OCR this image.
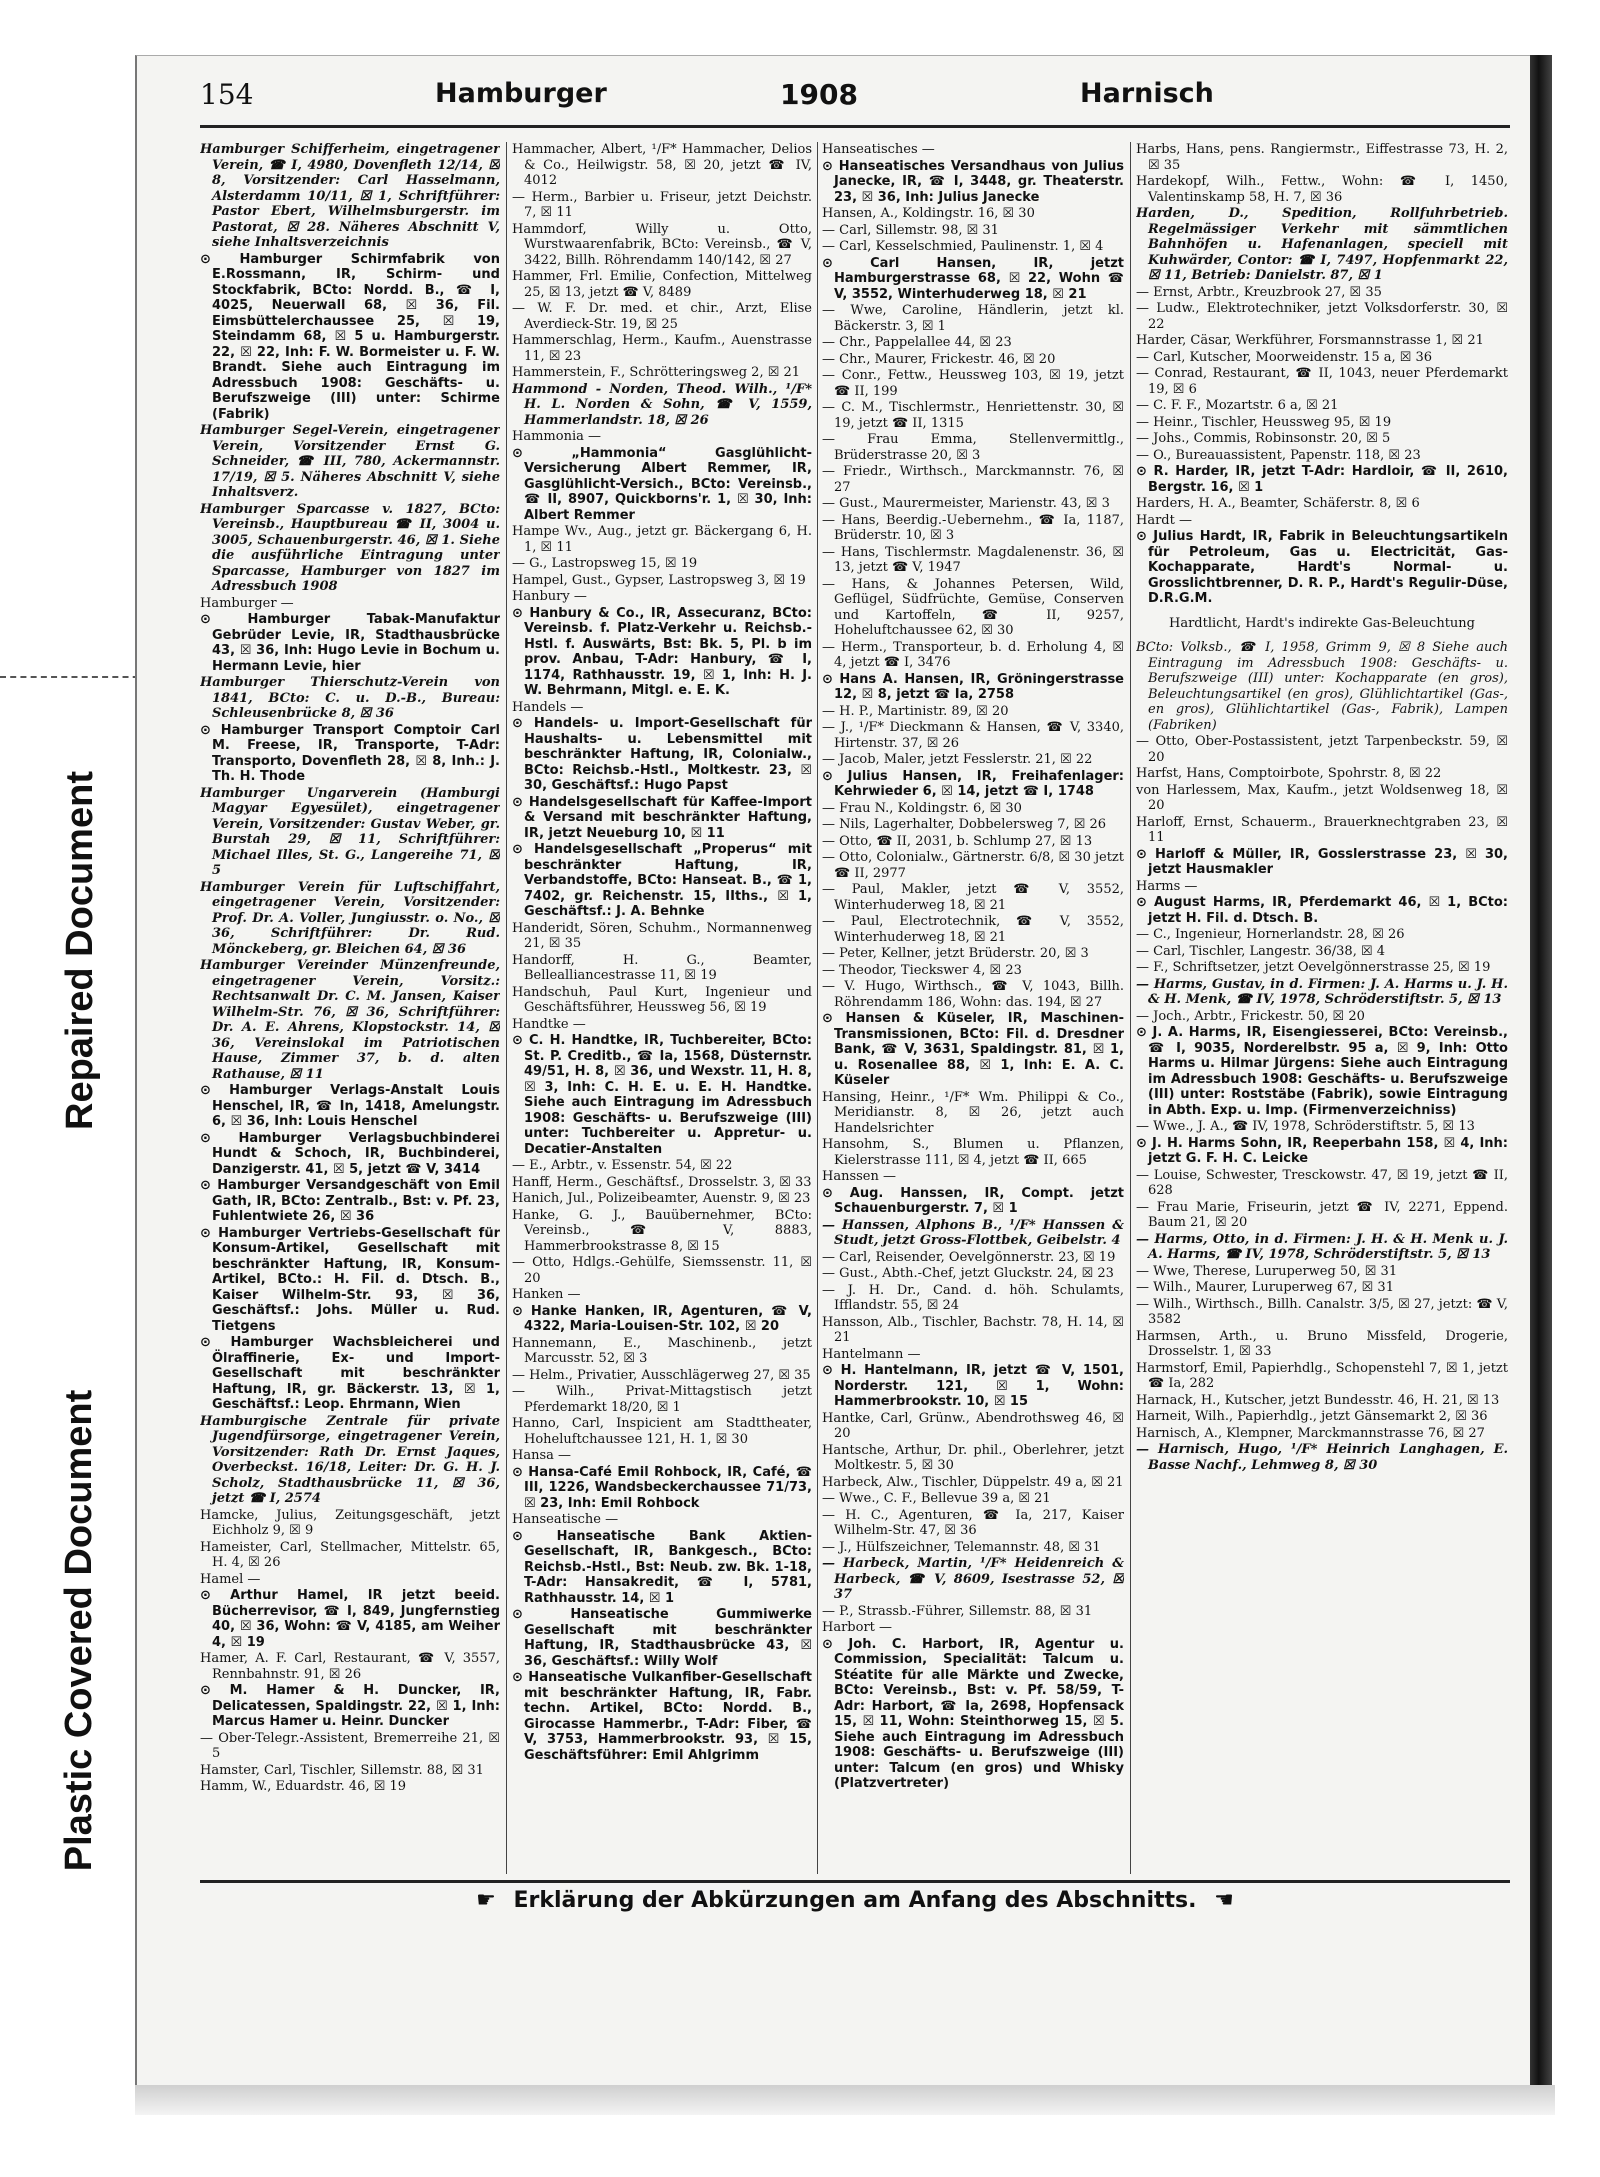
Repaired Document
Plastic Covered Document
154	Hamburger	1908	Harnisch

Hamburger Schifferheim, eingetragener Verein, ☎ I, 4980, Dovenfleth 12/14, ☒ 8, Vorsitzender: Carl Hasselmann, Alsterdamm 10/11, ☒ 1, Schriftführer: Pastor Ebert, Wilhelmsburgerstr. im Pastorat, ☒ 28. Näheres Abschnitt V, siehe Inhaltsverzeichnis

⊙ Hamburger Schirmfabrik von E.Rossmann, IR, Schirm- und Stockfabrik, BCto: Nordd. B., ☎ I, 4025, Neuerwall 68, ☒ 36, Fil. Eimsbüttelerchaussee 25, ☒ 19, Steindamm 68, ☒ 5 u. Hamburgerstr. 22, ☒ 22, Inh: F. W. Bormeister u. F. W. Brandt. Siehe auch Eintragung im Adressbuch 1908: Geschäfts- u. Berufszweige (III) unter: Schirme (Fabrik)

Hamburger Segel-Verein, eingetragener Verein, Vorsitzender Ernst G. Schneider, ☎ III, 780, Ackermannstr. 17/19, ☒ 5. Näheres Abschnitt V, siehe Inhaltsverz.

Hamburger Sparcasse v. 1827, BCto: Vereinsb., Hauptbureau ☎ II, 3004 u. 3005, Schauenburgerstr. 46, ☒ 1. Siehe die ausführliche Eintragung unter Sparcasse, Hamburger von 1827 im Adressbuch 1908

Hamburger —

⊙ Hamburger Tabak-Manufaktur Gebrüder Levie, IR, Stadthausbrücke 43, ☒ 36, Inh: Hugo Levie in Bochum u. Hermann Levie, hier

Hamburger Thierschutz-Verein von 1841, BCto: C. u. D.-B., Bureau: Schleusenbrücke 8, ☒ 36

⊙ Hamburger Transport Comptoir Carl M. Freese, IR, Transporte, T-Adr: Transporto, Dovenfleth 28, ☒ 8, Inh.: J. Th. H. Thode

Hamburger Ungarverein (Hamburgi Magyar Egyesület), eingetragener Verein, Vorsitzender: Gustav Weber, gr. Burstah 29, ☒ 11, Schriftführer: Michael Illes, St. G., Langereihe 71, ☒ 5

Hamburger Verein für Luftschiffahrt, eingetragener Verein, Vorsitzender: Prof. Dr. A. Voller, Jungiusstr. o. No., ☒ 36, Schriftführer: Dr. Rud. Mönckeberg, gr. Bleichen 64, ☒ 36

Hamburger Vereinder Münzenfreunde, eingetragener Verein, Vorsitz.: Rechtsanwalt Dr. C. M. Jansen, Kaiser Wilhelm-Str. 76, ☒ 36, Schriftführer: Dr. A. E. Ahrens, Klopstockstr. 14, ☒ 36, Vereinslokal im Patriotischen Hause, Zimmer 37, b. d. alten Rathause, ☒ 11

⊙ Hamburger Verlags-Anstalt Louis Henschel, IR, ☎ In, 1418, Amelungstr. 6, ☒ 36, Inh: Louis Henschel

⊙ Hamburger Verlagsbuchbinderei Hundt & Schoch, IR, Buchbinderei, Danzigerstr. 41, ☒ 5, jetzt ☎ V, 3414

⊙ Hamburger Versandgeschäft von Emil Gath, IR, BCto: Zentralb., Bst: v. Pf. 23, Fuhlentwiete 26, ☒ 36

⊙ Hamburger Vertriebs-Gesellschaft für Konsum-Artikel, Gesellschaft mit beschränkter Haftung, IR, Konsum-Artikel, BCto.: H. Fil. d. Dtsch. B., Kaiser Wilhelm-Str. 93, ☒ 36, Geschäftsf.: Johs. Müller u. Rud. Tietgens

⊙ Hamburger Wachsbleicherei und Ölraffinerie, Ex- und Import-Gesellschaft mit beschränkter Haftung, IR, gr. Bäckerstr. 13, ☒ 1, Geschäftsf.: Leop. Ehrmann, Wien

Hamburgische Zentrale für private Jugendfürsorge, eingetragener Verein, Vorsitzender: Rath Dr. Ernst Jaques, Overbeckst. 16/18, Leiter: Dr. G. H. J. Scholz, Stadthausbrücke 11, ☒ 36, jetzt ☎ I, 2574

Hamcke, Julius, Zeitungsgeschäft, jetzt Eichholz 9, ☒ 9

Hameister, Carl, Stellmacher, Mittelstr. 65, H. 4, ☒ 26

Hamel —

⊙ Arthur Hamel, IR jetzt beeid. Bücherrevisor, ☎ I, 849, Jungfernstieg 40, ☒ 36, Wohn: ☎ V, 4185, am Weiher 4, ☒ 19

Hamer, A. F. Carl, Restaurant, ☎ V, 3557, Rennbahnstr. 91, ☒ 26

⊙ M. Hamer & H. Duncker, IR, Delicatessen, Spaldingstr. 22, ☒ 1, Inh: Marcus Hamer u. Heinr. Duncker

— Ober-Telegr.-Assistent, Bremerreihe 21, ☒ 5

Hamster, Carl, Tischler, Sillemstr. 88, ☒ 31

Hamm, W., Eduardstr. 46, ☒ 19

Hammacher, Albert, ¹/F* Hammacher, Delios & Co., Heilwigstr. 58, ☒ 20, jetzt ☎ IV, 4012

— Herm., Barbier u. Friseur, jetzt Deichstr. 7, ☒ 11

Hammdorf, Willy u. Otto, Wurstwaarenfabrik, BCto: Vereinsb., ☎ V, 3422, Billh. Röhrendamm 140/142, ☒ 27

Hammer, Frl. Emilie, Confection, Mittelweg 25, ☒ 13, jetzt ☎ V, 8489

— W. F. Dr. med. et chir., Arzt, Elise Averdieck-Str. 19, ☒ 25

Hammerschlag, Herm., Kaufm., Auenstrasse 11, ☒ 23

Hammerstein, F., Schrötteringsweg 2, ☒ 21

Hammond - Norden, Theod. Wilh., ¹/F* H. L. Norden & Sohn, ☎ V, 1559, Hammerlandstr. 18, ☒ 26

Hammonia —

⊙ „Hammonia“ Gasglühlicht-Versicherung Albert Remmer, IR, Gasglühlicht-Versich., BCto: Vereinsb., ☎ II, 8907, Quickborns'r. 1, ☒ 30, Inh: Albert Remmer

Hampe Wv., Aug., jetzt gr. Bäckergang 6, H. 1, ☒ 11

— G., Lastropsweg 15, ☒ 19

Hampel, Gust., Gypser, Lastropsweg 3, ☒ 19

Hanbury —

⊙ Hanbury & Co., IR, Assecuranz, BCto: Vereinsb. f. Platz-Verkehr u. Reichsb.-Hstl. f. Auswärts, Bst: Bk. 5, Pl. b im prov. Anbau, T-Adr: Hanbury, ☎ I, 1174, Rathhausstr. 19, ☒ 1, Inh: H. J. W. Behrmann, Mitgl. e. E. K.

Handels —

⊙ Handels- u. Import-Gesellschaft für Haushalts- u. Lebensmittel mit beschränkter Haftung, IR, Colonialw., BCto: Reichsb.-Hstl., Moltkestr. 23, ☒ 30, Geschäftsf.: Hugo Papst

⊙ Handelsgesellschaft für Kaffee-Import & Versand mit beschränkter Haftung, IR, jetzt Neueburg 10, ☒ 11

⊙ Handelsgesellschaft „Properus“ mit beschränkter Haftung, IR, Verbandstoffe, BCto: Hanseat. B., ☎ 1, 7402, gr. Reichenstr. 15, IIths., ☒ 1, Geschäftsf.: J. A. Behnke

Handeridt, Sören, Schuhm., Normannenweg 21, ☒ 35

Handorff, H. G., Beamter, Bellealliancestrasse 11, ☒ 19

Handschuh, Paul Kurt, Ingenieur und Geschäftsführer, Heussweg 56, ☒ 19

Handtke —

⊙ C. H. Handtke, IR, Tuchbereiter, BCto: St. P. Creditb., ☎ Ia, 1568, Düsternstr. 49/51, H. 8, ☒ 36, und Wexstr. 11, H. 8, ☒ 3, Inh: C. H. E. u. E. H. Handtke. Siehe auch Eintragung im Adressbuch 1908: Geschäfts- u. Berufszweige (III) unter: Tuchbereiter u. Appretur- u. Decatier-Anstalten

— E., Arbtr., v. Essenstr. 54, ☒ 22

Hanff, Herm., Geschäftsf., Drosselstr. 3, ☒ 33

Hanich, Jul., Polizeibeamter, Auenstr. 9, ☒ 23

Hanke, G. J., Bauübernehmer, BCto: Vereinsb., ☎ V, 8883, Hammerbrookstrasse 8, ☒ 15

— Otto, Hdlgs.-Gehülfe, Siemssenstr. 11, ☒ 20

Hanken —

⊙ Hanke Hanken, IR, Agenturen, ☎ V, 4322, Maria-Louisen-Str. 102, ☒ 20

Hannemann, E., Maschinenb., jetzt Marcusstr. 52, ☒ 3

— Helm., Privatier, Ausschlägerweg 27, ☒ 35

— Wilh., Privat-Mittagstisch jetzt Pferdemarkt 18/20, ☒ 1

Hanno, Carl, Inspicient am Stadttheater, Hoheluftchaussee 121, H. 1, ☒ 30

Hansa —

⊙ Hansa-Café Emil Rohbock, IR, Café, ☎ III, 1226, Wandsbeckerchaussee 71/73, ☒ 23, Inh: Emil Rohbock

Hanseatische —

⊙ Hanseatische Bank Aktien-Gesellschaft, IR, Bankgesch., BCto: Reichsb.-Hstl., Bst: Neub. zw. Bk. 1-18, T-Adr: Hansakredit, ☎ I, 5781, Rathhausstr. 14, ☒ 1

⊙ Hanseatische Gummiwerke Gesellschaft mit beschränkter Haftung, IR, Stadthausbrücke 43, ☒ 36, Geschäftsf.: Willy Wolf

⊙ Hanseatische Vulkanfiber-Gesellschaft mit beschränkter Haftung, IR, Fabr. techn. Artikel, BCto: Nordd. B., Girocasse Hammerbr., T-Adr: Fiber, ☎ V, 3753, Hammerbrookstr. 93, ☒ 15, Geschäftsführer: Emil Ahlgrimm

Hanseatisches —

⊙ Hanseatisches Versandhaus von Julius Janecke, IR, ☎ I, 3448, gr. Theaterstr. 23, ☒ 36, Inh: Julius Janecke

Hansen, A., Koldingstr. 16, ☒ 30

— Carl, Sillemstr. 98, ☒ 31

— Carl, Kesselschmied, Paulinenstr. 1, ☒ 4

⊙ Carl Hansen, IR, jetzt Hamburgerstrasse 68, ☒ 22, Wohn ☎ V, 3552, Winterhuderweg 18, ☒ 21

— Wwe, Caroline, Händlerin, jetzt kl. Bäckerstr. 3, ☒ 1

— Chr., Pappelallee 44, ☒ 23

— Chr., Maurer, Frickestr. 46, ☒ 20

— Conr., Fettw., Heussweg 103, ☒ 19, jetzt ☎ II, 199

— C. M., Tischlermstr., Henriettenstr. 30, ☒ 19, jetzt ☎ II, 1315

— Frau Emma, Stellenvermittlg., Brüderstrasse 20, ☒ 3

— Friedr., Wirthsch., Marckmannstr. 76, ☒ 27

— Gust., Maurermeister, Marienstr. 43, ☒ 3

— Hans, Beerdig.-Uebernehm., ☎ Ia, 1187, Brüderstr. 10, ☒ 3

— Hans, Tischlermstr. Magdalenenstr. 36, ☒ 13, jetzt ☎ V, 1947

— Hans, & Johannes Petersen, Wild, Geflügel, Südfrüchte, Gemüse, Conserven und Kartoffeln, ☎ II, 9257, Hoheluftchaussee 62, ☒ 30

— Herm., Transporteur, b. d. Erholung 4, ☒ 4, jetzt ☎ I, 3476

⊙ Hans A. Hansen, IR, Gröningerstrasse 12, ☒ 8, jetzt ☎ Ia, 2758

— H. P., Martinistr. 89, ☒ 20

— J., ¹/F* Dieckmann & Hansen, ☎ V, 3340, Hirtenstr. 37, ☒ 26

— Jacob, Maler, jetzt Fesslerstr. 21, ☒ 22

⊙ Julius Hansen, IR, Freihafenlager: Kehrwieder 6, ☒ 14, jetzt ☎ I, 1748

— Frau N., Koldingstr. 6, ☒ 30

— Nils, Lagerhalter, Dobbelersweg 7, ☒ 26

— Otto, ☎ II, 2031, b. Schlump 27, ☒ 13

— Otto, Colonialw., Gärtnerstr. 6/8, ☒ 30 jetzt ☎ II, 2977

— Paul, Makler, jetzt ☎ V, 3552, Winterhuderweg 18, ☒ 21

— Paul, Electrotechnik, ☎ V, 3552, Winterhuderweg 18, ☒ 21

— Peter, Kellner, jetzt Brüderstr. 20, ☒ 3

— Theodor, Tieckswег 4, ☒ 23

— V. Hugo, Wirthsch., ☎ V, 1043, Billh. Röhrendamm 186, Wohn: das. 194, ☒ 27

⊙ Hansen & Küseler, IR, Maschinen-Transmissionen, BCto: Fil. d. Dresdner Bank, ☎ V, 3631, Spaldingstr. 81, ☒ 1, u. Rosenallee 88, ☒ 1, Inh: E. A. C. Küseler

Hansing, Heinr., ¹/F* Wm. Philippi & Co., Meridianstr. 8, ☒ 26, jetzt auch Handelsrichter

Hansohm, S., Blumen u. Pflanzen, Kielerstrasse 111, ☒ 4, jetzt ☎ II, 665

Hanssen —

⊙ Aug. Hanssen, IR, Compt. jetzt Schauenburgerstr. 7, ☒ 1

— Hanssen, Alphons B., ¹/F* Hanssen & Studt, jetzt Gross-Flottbek, Geibelstr. 4

— Carl, Reisender, Oevelgönnerstr. 23, ☒ 19

— Gust., Abth.-Chef, jetzt Gluckstr. 24, ☒ 23

— J. H. Dr., Cand. d. höh. Schulamts, Ifflandstr. 55, ☒ 24

Hansson, Alb., Tischler, Bachstr. 78, H. 14, ☒ 21

Hantelmann —

⊙ H. Hantelmann, IR, jetzt ☎ V, 1501, Norderstr. 121, ☒ 1, Wohn: Hammerbrookstr. 10, ☒ 15

Hantke, Carl, Grünw., Abendrothsweg 46, ☒ 20

Hantsche, Arthur, Dr. phil., Oberlehrer, jetzt Moltkestr. 5, ☒ 30

Harbeck, Alw., Tischler, Düppelstr. 49 a, ☒ 21

— Wwe., C. F., Bellevue 39 a, ☒ 21

— H. C., Agenturen, ☎ Ia, 217, Kaiser Wilhelm-Str. 47, ☒ 36

— J., Hülfszeichner, Telemannstr. 48, ☒ 31

— Harbeck, Martin, ¹/F* Heidenreich & Harbeck, ☎ V, 8609, Isestrasse 52, ☒ 37

— P., Strassb.-Führer, Sillemstr. 88, ☒ 31

Harbort —

⊙ Joh. C. Harbort, IR, Agentur u. Commission, Specialität: Talcum u. Stéatite für alle Märkte und Zwecke, BCto: Vereinsb., Bst: v. Pf. 58/59, T-Adr: Harbort, ☎ Ia, 2698, Hopfensack 15, ☒ 11, Wohn: Steinthorweg 15, ☒ 5. Siehe auch Eintragung im Adressbuch 1908: Geschäfts- u. Berufszweige (III) unter: Talcum (en gros) und Whisky (Platzvertreter)

Harbs, Hans, pens. Rangiermstr., Eiffestrasse 73, H. 2, ☒ 35

Hardekopf, Wilh., Fettw., Wohn: ☎ I, 1450, Valentinskamp 58, H. 7, ☒ 36

Harden, D., Spedition, Rollfuhrbetrieb. Regelmässiger Verkehr mit sämmtlichen Bahnhöfen u. Hafenanlagen, speciell mit Kuhwärder, Contor: ☎ I, 7497, Hopfenmarkt 22, ☒ 11, Betrieb: Danielstr. 87, ☒ 1

— Ernst, Arbtr., Kreuzbrook 27, ☒ 35

— Ludw., Elektrotechniker, jetzt Volksdorferstr. 30, ☒ 22

Harder, Cäsar, Werkführer, Forsmannstrasse 1, ☒ 21

— Carl, Kutscher, Moorweidenstr. 15 a, ☒ 36

— Conrad, Restaurant, ☎ II, 1043, neuer Pferdemarkt 19, ☒ 6

— C. F. F., Mozartstr. 6 a, ☒ 21

— Heinr., Tischler, Heussweg 95, ☒ 19

— Johs., Commis, Robinsonstr. 20, ☒ 5

— O., Bureauassistent, Papenstr. 118, ☒ 23

⊙ R. Harder, IR, jetzt T-Adr: Hardloir, ☎ II, 2610, Bergstr. 16, ☒ 1

Harders, H. A., Beamter, Schäferstr. 8, ☒ 6

Hardt —

⊙ Julius Hardt, IR, Fabrik in Beleuchtungsartikeln für Petroleum, Gas u. Electricität, Gas-Kochapparate, Hardt's Normal- u. Grosslichtbrenner, D. R. P., Hardt's Regulir-Düse, D.R.G.M.

Hardtlicht, Hardt's indirekte Gas-Beleuchtung

BCto: Volksb., ☎ I, 1958, Grimm 9, ☒ 8 Siehe auch Eintragung im Adressbuch 1908: Geschäfts- u. Berufszweige (III) unter: Kochapparate (en gros), Beleuchtungsartikel (en gros), Glühlichtartikel (Gas-, en gros), Glühlichtartikel (Gas-, Fabrik), Lampen (Fabriken)

— Otto, Ober-Postassistent, jetzt Tarpenbeckstr. 59, ☒ 20

Harfst, Hans, Comptoirbote, Spohrstr. 8, ☒ 22

von Harlessem, Max, Kaufm., jetzt Woldsenweg 18, ☒ 20

Harloff, Ernst, Schauerm., Brauerknechtgraben 23, ☒ 11

⊙ Harloff & Müller, IR, Gosslerstrasse 23, ☒ 30, jetzt Hausmakler

Harms —

⊙ August Harms, IR, Pferdemarkt 46, ☒ 1, BCto: jetzt H. Fil. d. Dtsch. B.

— C., Ingenieur, Hornerlandstr. 28, ☒ 26

— Carl, Tischler, Langestr. 36/38, ☒ 4

— F., Schriftsetzer, jetzt Oevelgönnerstrasse 25, ☒ 19

— Harms, Gustav, in d. Firmen: J. A. Harms u. J. H. & H. Menk, ☎ IV, 1978, Schröderstiftstr. 5, ☒ 13

— Joch., Arbtr., Frickestr. 50, ☒ 20

⊙ J. A. Harms, IR, Eisengiesserei, BCto: Vereinsb., ☎ I, 9035, Norderelbstr. 95 a, ☒ 9, Inh: Otto Harms u. Hilmar Jürgens: Siehe auch Eintragung im Adressbuch 1908: Geschäfts- u. Berufszweige (III) unter: Roststäbe (Fabrik), sowie Eintragung in Abth. Exp. u. Imp. (Firmenverzeichniss)

— Wwe., J. A., ☎ IV, 1978, Schröderstiftstr. 5, ☒ 13

⊙ J. H. Harms Sohn, IR, Reeperbahn 158, ☒ 4, Inh: jetzt G. F. H. C. Leicke

— Louise, Schwester, Tresckowstr. 47, ☒ 19, jetzt ☎ II, 628

— Frau Marie, Friseurin, jetzt ☎ IV, 2271, Eppend. Baum 21, ☒ 20

— Harms, Otto, in d. Firmen: J. H. & H. Menk u. J. A. Harms, ☎ IV, 1978, Schröderstiftstr. 5, ☒ 13

— Wwe, Therese, Luruperweg 50, ☒ 31

— Wilh., Maurer, Luruperweg 67, ☒ 31

— Wilh., Wirthsch., Billh. Canalstr. 3/5, ☒ 27, jetzt: ☎ V, 3582

Harmsen, Arth., u. Bruno Missfeld, Drogerie, Drosselstr. 1, ☒ 33

Harmstorf, Emil, Papierhdlg., Schopenstehl 7, ☒ 1, jetzt ☎ Ia, 282

Harnack, H., Kutscher, jetzt Bundesstr. 46, H. 21, ☒ 13

Harneit, Wilh., Papierhdlg., jetzt Gänsemarkt 2, ☒ 36

Harnisch, A., Klempner, Marckmannstrasse 76, ☒ 27

— Harnisch, Hugo, ¹/F* Heinrich Langhagen, E. Basse Nachf., Lehmweg 8, ☒ 30

☛ Erklärung der Abkürzungen am Anfang des Abschnitts. ☚
